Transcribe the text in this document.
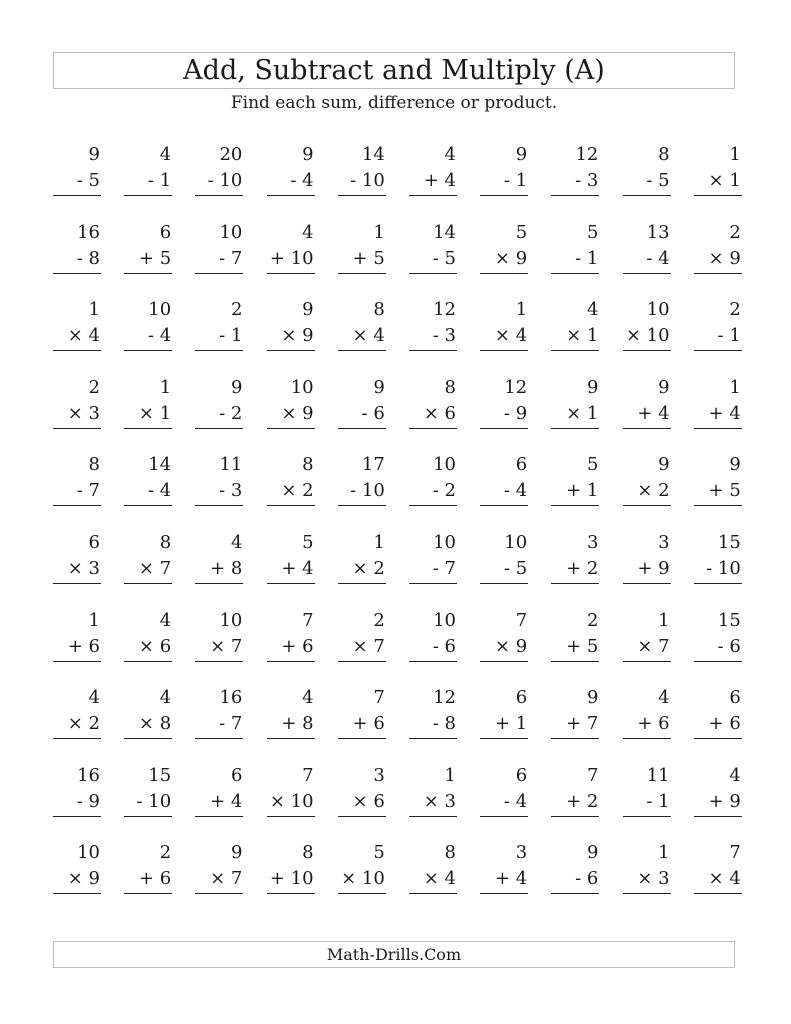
Add, Subtract and Multiply (A)
Find each sum, difference or product.
9
- 5
4
- 1
20
- 10
9
- 4
14
- 10
4
+ 4
9
- 1
12
- 3
8
- 5
1
× 1
16
- 8
6
+ 5
10
- 7
4
+ 10
1
+ 5
14
- 5
5
× 9
5
- 1
13
- 4
2
× 9
1
× 4
10
- 4
2
- 1
9
× 9
8
× 4
12
- 3
1
× 4
4
× 1
10
× 10
2
- 1
2
× 3
1
× 1
9
- 2
10
× 9
9
- 6
8
× 6
12
- 9
9
× 1
9
+ 4
1
+ 4
8
- 7
14
- 4
11
- 3
8
× 2
17
- 10
10
- 2
6
- 4
5
+ 1
9
× 2
9
+ 5
6
× 3
8
× 7
4
+ 8
5
+ 4
1
× 2
10
- 7
10
- 5
3
+ 2
3
+ 9
15
- 10
1
+ 6
4
× 6
10
× 7
7
+ 6
2
× 7
10
- 6
7
× 9
2
+ 5
1
× 7
15
- 6
4
× 2
4
× 8
16
- 7
4
+ 8
7
+ 6
12
- 8
6
+ 1
9
+ 7
4
+ 6
6
+ 6
16
- 9
15
- 10
6
+ 4
7
× 10
3
× 6
1
× 3
6
- 4
7
+ 2
11
- 1
4
+ 9
10
× 9
2
+ 6
9
× 7
8
+ 10
5
× 10
8
× 4
3
+ 4
9
- 6
1
× 3
7
× 4
Math-Drills.Com
